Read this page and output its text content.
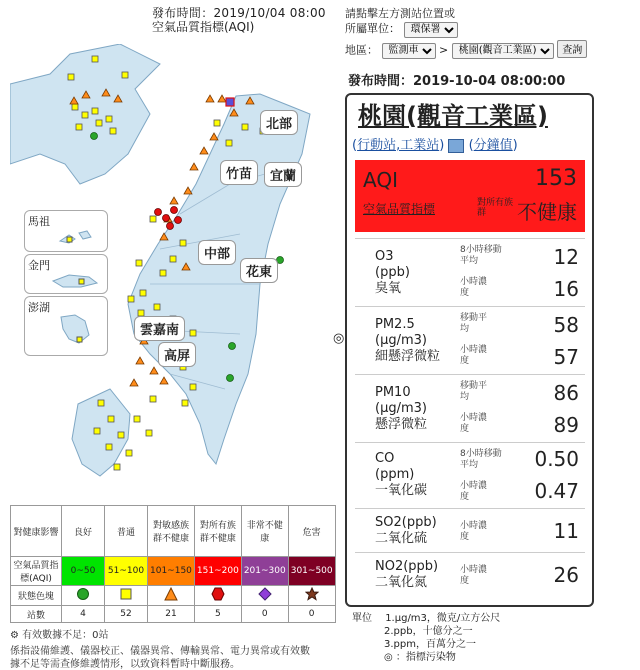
發布時間：2019/10/04 08:00
空氣品質指標(AQI)
請點擊左方測站位置或
所屬單位：
環保署
地區：
監測車	>
桃園(觀音工業區)	查詢
北部
竹苗	宜蘭
中部
花東
雲嘉南
高屏
馬祖
金門
澎湖
對健康影響	良好	普通	對敏感族群不健康	對所有族群不健康	非常不健康	危害
空氣品質指標(AQI)	0~50	51~100	101~150	151~200	201~300	301~500
狀態色塊						
站數	4	52	21	5	0	0
⚙ 有效數據不足：0站
係指設備維護、儀器校正、儀器異常、傳輸異常、電力異常或有效數
據不足等需查修維護情形，以致資料暫時中斷服務。
發布時間：2019-10-04 08:00:00
桃園(觀音工業區)
(行動站,工業站)  (分鐘值)
AQI	153
空氣品質指標	對所有族群	不健康
O3
(ppb)
臭氧
8小時移動平均	12
小時濃度	16
◎
PM2.5
(μg/m3)
細懸浮微粒
移動平均	58
小時濃度	57
PM10
(μg/m3)
懸浮微粒
移動平均	86
小時濃度	89
CO
(ppm)
一氧化碳
8小時移動平均	0.50
小時濃度	0.47
SO2(ppb)
二氧化硫
小時濃度	11
NO2(ppb)
二氧化氮
小時濃度	26
單位 1.μg/m3，微克/立方公尺
2.ppb，十億分之一
3.ppm，百萬分之一
◎ ：指標污染物
